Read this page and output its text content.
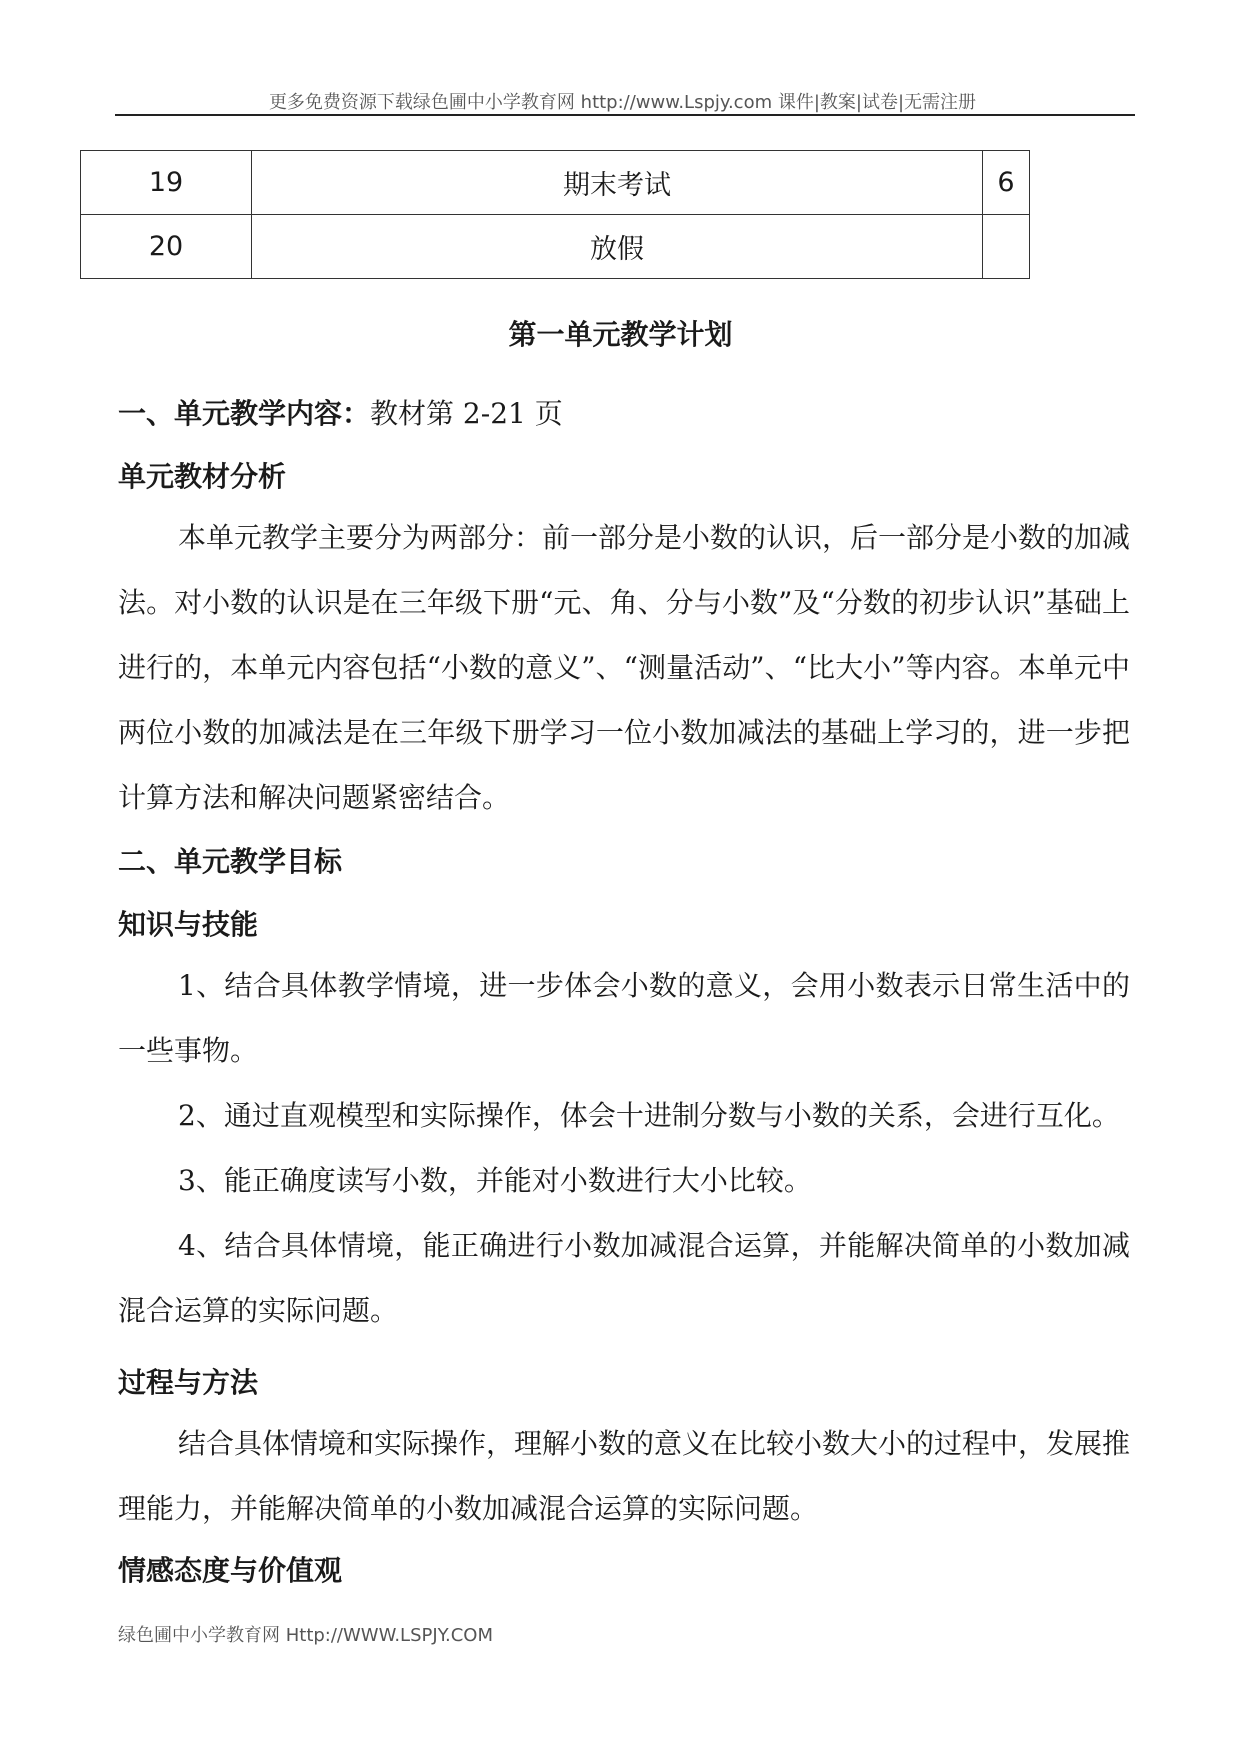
更多免费资源下载绿色圃中小学教育网 http://www.Lspjy.com 课件|教案|试卷|无需注册
19	期末考试	6
20	放假	
第一单元教学计划
一、单元教学内容：教材第 2-21 页
单元教材分析

本单元教学主要分为两部分：前一部分是小数的认识，后一部分是小数的加减法。对小数的认识是在三年级下册“元、角、分与小数”及“分数的初步认识”基础上进行的，本单元内容包括“小数的意义”、“测量活动”、“比大小”等内容。本单元中两位小数的加减法是在三年级下册学习一位小数加减法的基础上学习的，进一步把计算方法和解决问题紧密结合。

二、单元教学目标
知识与技能

1、结合具体教学情境，进一步体会小数的意义，会用小数表示日常生活中的一些事物。

2、通过直观模型和实际操作，体会十进制分数与小数的关系，会进行互化。

3、能正确度读写小数，并能对小数进行大小比较。

4、结合具体情境，能正确进行小数加减混合运算，并能解决简单的小数加减混合运算的实际问题。

过程与方法

结合具体情境和实际操作，理解小数的意义在比较小数大小的过程中，发展推理能力，并能解决简单的小数加减混合运算的实际问题。

情感态度与价值观
绿色圃中小学教育网 Http://WWW.LSPJY.COM
